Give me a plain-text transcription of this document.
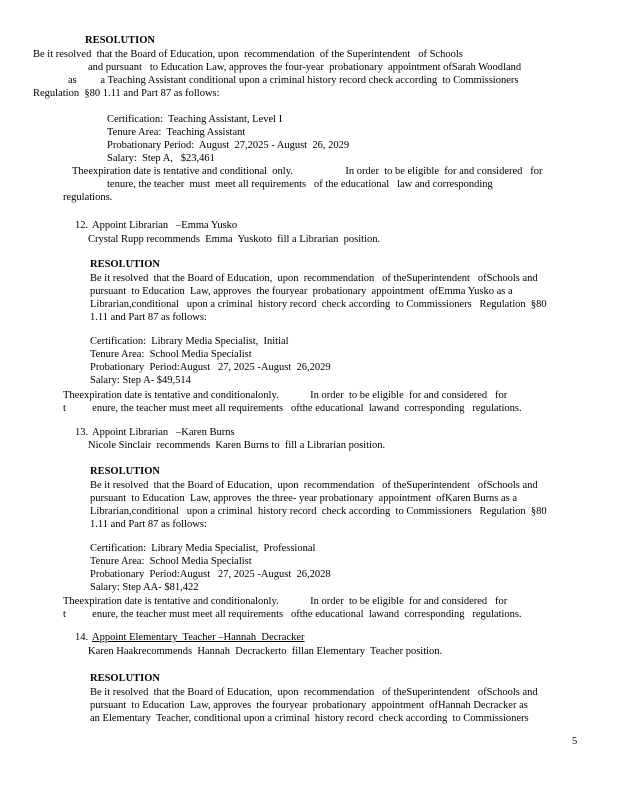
RESOLUTION
Be it resolved  that the Board of Education, upon  recommendation  of the Superintendent   of Schools
and pursuant   to Education Law, approves the four-year  probationary  appointment ofSarah Woodland
as         a Teaching Assistant conditional upon a criminal history record check according  to Commissioners
Regulation  §80 1.11 and Part 87 as follows:
Certification:  Teaching Assistant, Level I
Tenure Area:  Teaching Assistant
Probationary Period:  August  27,2025 - August  26, 2029
Salary:  Step A,   $23,461
Theexpiration date is tentative and conditional  only.                    In order  to be eligible  for and considered   for
tenure, the teacher  must  meet all requirements   of the educational   law and corresponding
regulations.
12. Appoint Librarian   –Emma Yusko
Crystal Rupp recommends  Emma  Yuskoto  fill a Librarian  position.
RESOLUTION
Be it resolved  that the Board of Education,  upon  recommendation   of theSuperintendent   ofSchools and
pursuant  to Education  Law, approves  the fouryear  probationary  appointment  ofEmma Yusko as a
Librarian,conditional   upon a criminal  history record  check according  to Commissioners   Regulation  §80
1.11 and Part 87 as follows:
Certification:  Library Media Specialist,  Initial
Tenure Area:  School Media Specialist
Probationary  Period:August   27, 2025 -August  26,2029
Salary: Step A- $49,514
Theexpiration date is tentative and conditionalonly.            In order  to be eligible  for and considered   for
t          enure, the teacher must meet all requirements   ofthe educational  lawand  corresponding   regulations.
13. Appoint Librarian   –Karen Burns
Nicole Sinclair  recommends  Karen Burns to  fill a Librarian position.
RESOLUTION
Be it resolved  that the Board of Education,  upon  recommendation   of theSuperintendent   ofSchools and
pursuant  to Education  Law, approves  the three- year probationary  appointment  ofKaren Burns as a
Librarian,conditional   upon a criminal  history record  check according  to Commissioners   Regulation  §80
1.11 and Part 87 as follows:
Certification:  Library Media Specialist,  Professional
Tenure Area:  School Media Specialist
Probationary  Period:August   27, 2025 -August  26,2028
Salary: Step AA- $81,422
Theexpiration date is tentative and conditionalonly.            In order  to be eligible  for and considered   for
t          enure, the teacher must meet all requirements   ofthe educational  lawand  corresponding   regulations.
14. Appoint Elementary  Teacher –Hannah  Decracker
Karen Haakrecommends  Hannah  Decrackerto  fillan Elementary  Teacher position.
RESOLUTION
Be it resolved  that the Board of Education,  upon  recommendation   of theSuperintendent   ofSchools and
pursuant  to Education  Law, approves  the fouryear  probationary  appointment  ofHannah Decracker as
an Elementary  Teacher, conditional upon a criminal  history record  check according  to Commissioners
5
